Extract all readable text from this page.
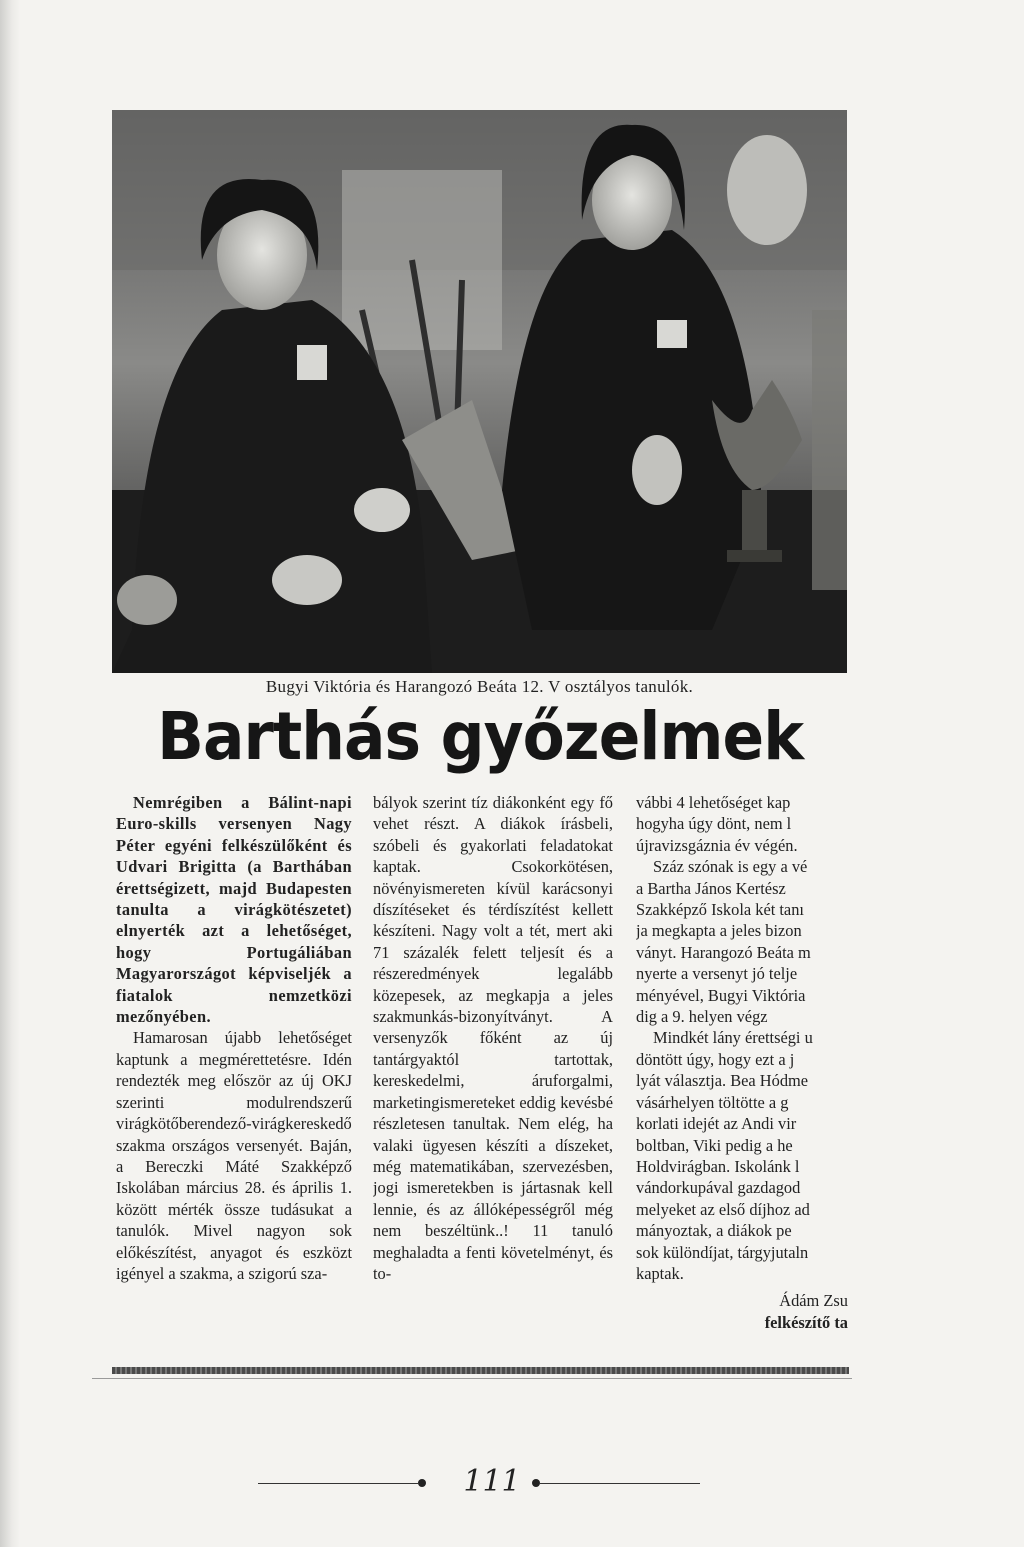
Bugyi Viktória és Harangozó Beáta 12. V osztályos tanulók.
Barthás győzelmek
Nemrégiben a Bálint-napi Euro-skills versenyen Nagy Péter egyéni felkészülőként és Udvari Brigitta (a Barthában érettségizett, majd Budapesten tanulta a virágkötészetet) elnyerték azt a lehetőséget, hogy Portugáliában Magyarországot képviseljék a fiatalok nemzetközi mezőnyében.
Hamarosan újabb lehetőséget kaptunk a megmérettetésre. Idén rendezték meg először az új OKJ szerinti modulrendszerű virágkötőberendező-virágkereskedő szakma országos versenyét. Baján, a Bereczki Máté Szakképző Iskolában március 28. és április 1. között mérték össze tudásukat a tanulók. Mivel nagyon sok előkészítést, anyagot és eszközt igényel a szakma, a szigorú sza-
bályok szerint tíz diákonként egy fő vehet részt. A diákok írásbeli, szóbeli és gyakorlati feladatokat kaptak. Csokorkötésen, növényismereten kívül karácsonyi díszítéseket és térdíszítést kellett készíteni. Nagy volt a tét, mert aki 71 százalék felett teljesít és a részeredmények legalább közepesek, az megkapja a jeles szakmunkás-bizonyítványt. A versenyzők főként az új tantárgyaktól tartottak, kereskedelmi, áruforgalmi, marketingismereteket eddig kevésbé részletesen tanultak. Nem elég, ha valaki ügyesen készíti a díszeket, még matematikában, szervezésben, jogi ismeretekben is jártasnak kell lennie, és az állóképességről még nem beszéltünk..! 11 tanuló meghaladta a fenti követelményt, és to-
vábbi 4 lehetőséget kap
hogyha úgy dönt, nem l
újravizsgáznia év végén.
Száz szónak is egy a vé
a Bartha János Kertész
Szakképző Iskola két tanı
ja megkapta a jeles bizon
ványt. Harangozó Beáta m
nyerte a versenyt jó telje
ményével, Bugyi Viktória
dig a 9. helyen végz
Mindkét lány érettségi u
döntött úgy, hogy ezt a j
lyát választja. Bea Hódme
vásárhelyen töltötte a g
korlati idejét az Andi vir
boltban, Viki pedig a he
Holdvirágban. Iskolánk l
vándorkupával gazdagod
melyeket az első díjhoz ad
mányoztak, a diákok pe
sok különdíjat, tárgyjutaln
kaptak.
Ádám Zsu
felkészítő ta
111
